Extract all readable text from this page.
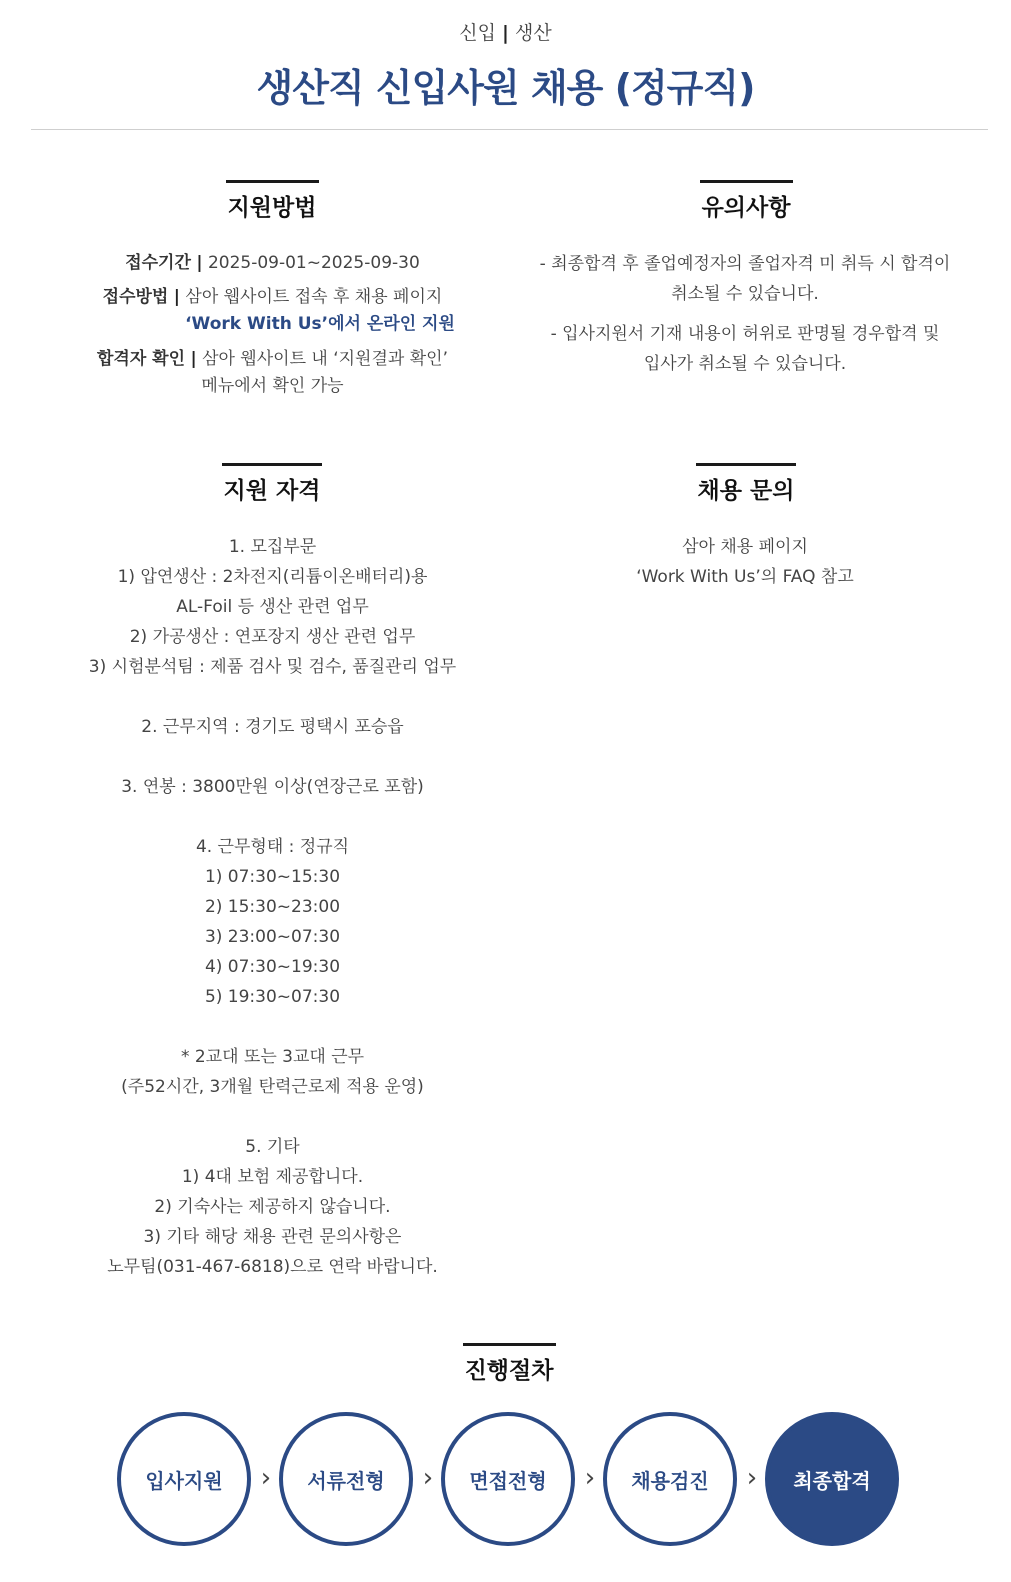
신입 | 생산
생산직 신입사원 채용 (정규직)
지원방법

접수기간 | 2025-09-01~2025-09-30

접수방법 | 삼아 웹사이트 접속 후 채용 페이지
‘Work With Us’에서 온라인 지원

합격자 확인 | 삼아 웹사이트 내 ‘지원결과 확인’
메뉴에서 확인 가능

유의사항

- 최종합격 후 졸업예정자의 졸업자격 미 취득 시 합격이
취소될 수 있습니다.

- 입사지원서 기재 내용이 허위로 판명될 경우합격 및
입사가 취소될 수 있습니다.

지원 자격

1. 모집부문

1) 압연생산 : 2차전지(리튬이온배터리)용

AL-Foil 등 생산 관련 업무

2) 가공생산 : 연포장지 생산 관련 업무

3) 시험분석팀 : 제품 검사 및 검수, 품질관리 업무

2. 근무지역 : 경기도 평택시 포승읍

3. 연봉 : 3800만원 이상(연장근로 포함)

4. 근무형태 : 정규직

1) 07:30~15:30

2) 15:30~23:00

3) 23:00~07:30

4) 07:30~19:30

5) 19:30~07:30

* 2교대 또는 3교대 근무

(주52시간, 3개월 탄력근로제 적용 운영)

5. 기타

1) 4대 보험 제공합니다.

2) 기숙사는 제공하지 않습니다.

3) 기타 해당 채용 관련 문의사항은

노무팀(031-467-6818)으로 연락 바랍니다.

채용 문의

삼아 채용 페이지

‘Work With Us’의 FAQ 참고

진행절차
입사지원	›	서류전형	›	면접전형	›	채용검진	›	최종합격
